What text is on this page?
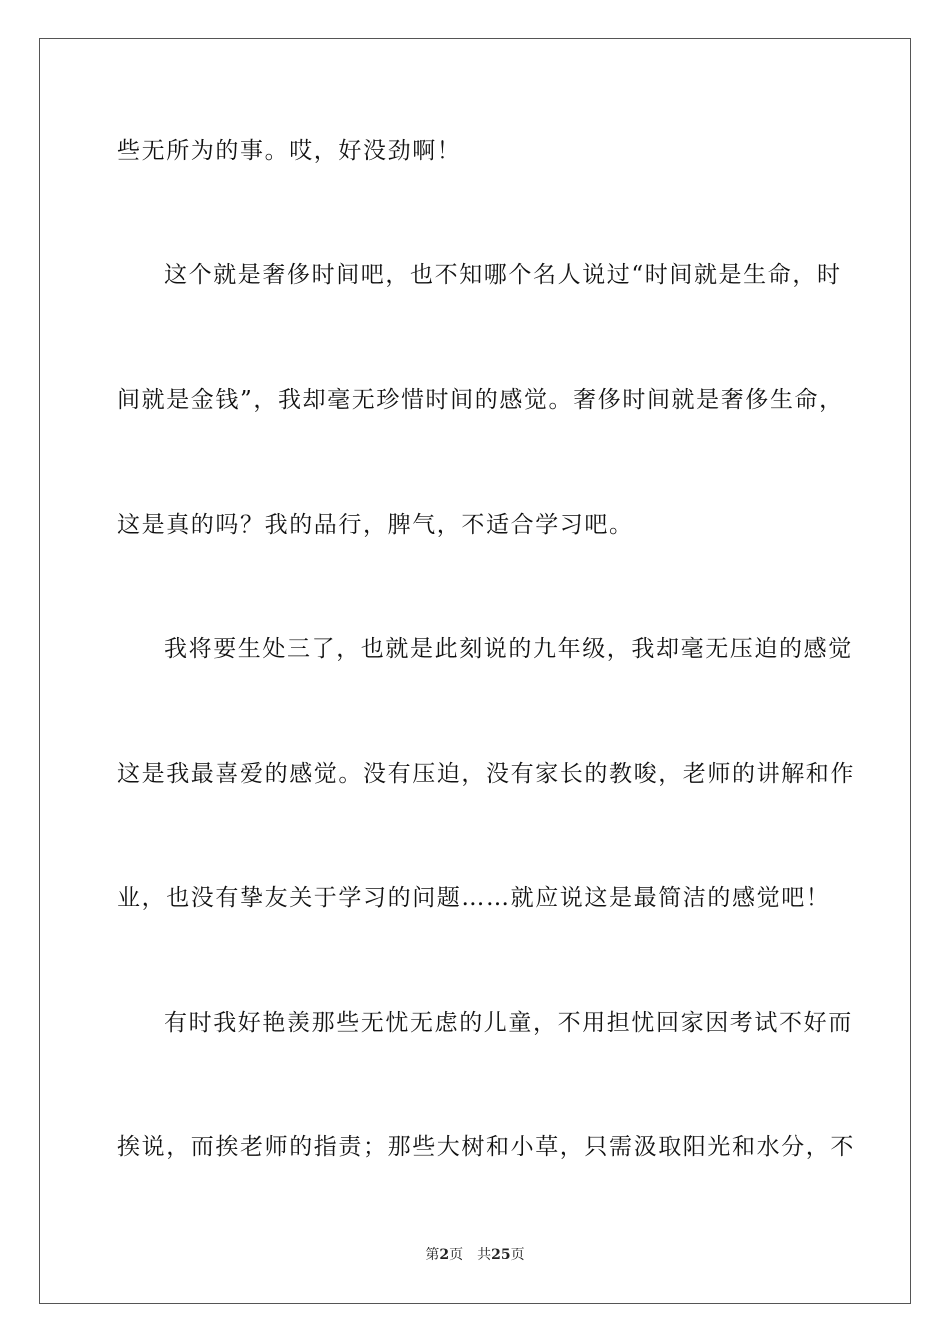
些无所为的事。哎，好没劲啊！
这个就是奢侈时间吧，也不知哪个名人说过“时间就是生命，时
间就是金钱”，我却毫无珍惜时间的感觉。奢侈时间就是奢侈生命，
这是真的吗？我的品行，脾气，不适合学习吧。
我将要生处三了，也就是此刻说的九年级，我却毫无压迫的感觉
这是我最喜爱的感觉。没有压迫，没有家长的教唆，老师的讲解和作
业，也没有挚友关于学习的问题……就应说这是最简洁的感觉吧！
有时我好艳羡那些无忧无虑的儿童，不用担忧回家因考试不好而
挨说，而挨老师的指责；那些大树和小草，只需汲取阳光和水分，不
第2页 共25页
